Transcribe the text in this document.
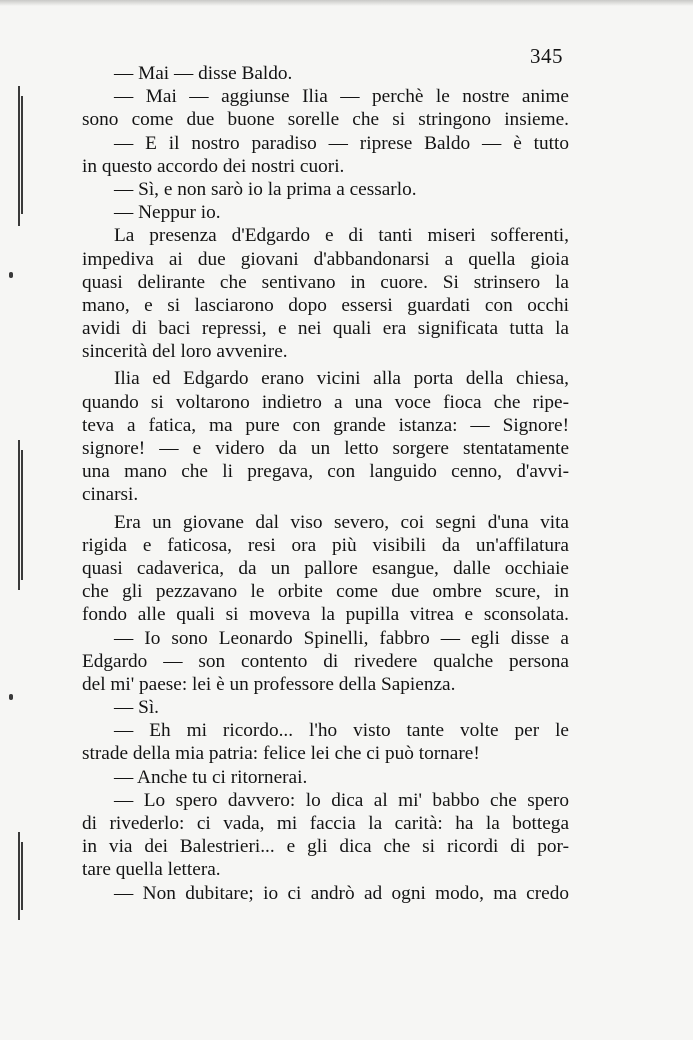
345
— Mai — disse Baldo.
— Mai — aggiunse Ilia — perchè le nostre anime
sono come due buone sorelle che si stringono insieme.
— E il nostro paradiso — riprese Baldo — è tutto
in questo accordo dei nostri cuori.
— Sì, e non sarò io la prima a cessarlo.
— Neppur io.
La presenza d'Edgardo e di tanti miseri sofferenti,
impediva ai due giovani d'abbandonarsi a quella gioia
quasi delirante che sentivano in cuore. Si strinsero la
mano, e si lasciarono dopo essersi guardati con occhi
avidi di baci repressi, e nei quali era significata tutta la
sincerità del loro avvenire.
Ilia ed Edgardo erano vicini alla porta della chiesa,
quando si voltarono indietro a una voce fioca che ripe-
teva a fatica, ma pure con grande istanza: — Signore!
signore! — e videro da un letto sorgere stentatamente
una mano che li pregava, con languido cenno, d'avvi-
cinarsi.
Era un giovane dal viso severo, coi segni d'una vita
rigida e faticosa, resi ora più visibili da un'affilatura
quasi cadaverica, da un pallore esangue, dalle occhiaie
che gli pezzavano le orbite come due ombre scure, in
fondo alle quali si moveva la pupilla vitrea e sconsolata.
— Io sono Leonardo Spinelli, fabbro — egli disse a
Edgardo — son contento di rivedere qualche persona
del mi' paese: lei è un professore della Sapienza.
— Sì.
— Eh mi ricordo... l'ho visto tante volte per le
strade della mia patria: felice lei che ci può tornare!
— Anche tu ci ritornerai.
— Lo spero davvero: lo dica al mi' babbo che spero
di rivederlo: ci vada, mi faccia la carità: ha la bottega
in via dei Balestrieri... e gli dica che si ricordi di por-
tare quella lettera.
— Non dubitare; io ci andrò ad ogni modo, ma credo
